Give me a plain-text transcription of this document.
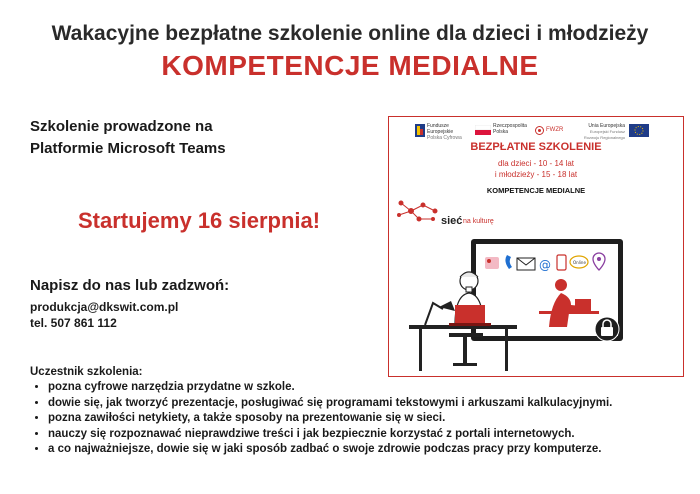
Wakacyjne bezpłatne szkolenie online dla dzieci i młodzieży
KOMPETENCJE MEDIALNE
Szkolenie prowadzone na
Platformie Microsoft Teams
Startujemy 16 sierpnia!
Napisz do nas lub zadzwoń:
produkcja@dkswit.com.pl
tel. 507 861 112
Uczestnik szkolenia:
• pozna cyfrowe narzędzia przydatne w szkole.
• dowie się, jak tworzyć prezentacje, posługiwać się programami tekstowymi i arkuszami kalkulacyjnymi.
• pozna zawiłości netykiety, a także sposoby na prezentowanie się w sieci.
• nauczy się rozpoznawać nieprawdziwe treści i jak bezpiecznie korzystać z portali internetowych.
• a co najważniejsze, dowie się w jaki sposób zadbać o swoje zdrowie podczas pracy przy komputerze.
Fundusze Europejskie
Polska Cyfrowa
Rzeczpospolita Polska	FWZR
Unia Europejska
Europejski Fundusz Rozwoju Regionalnego
BEZPŁATNE SZKOLENIE
dla dzieci - 10 - 14 lat
i młodzieży - 15 - 18 lat
KOMPETENCJE MEDIALNE
sieć na kulturę
@	Online
